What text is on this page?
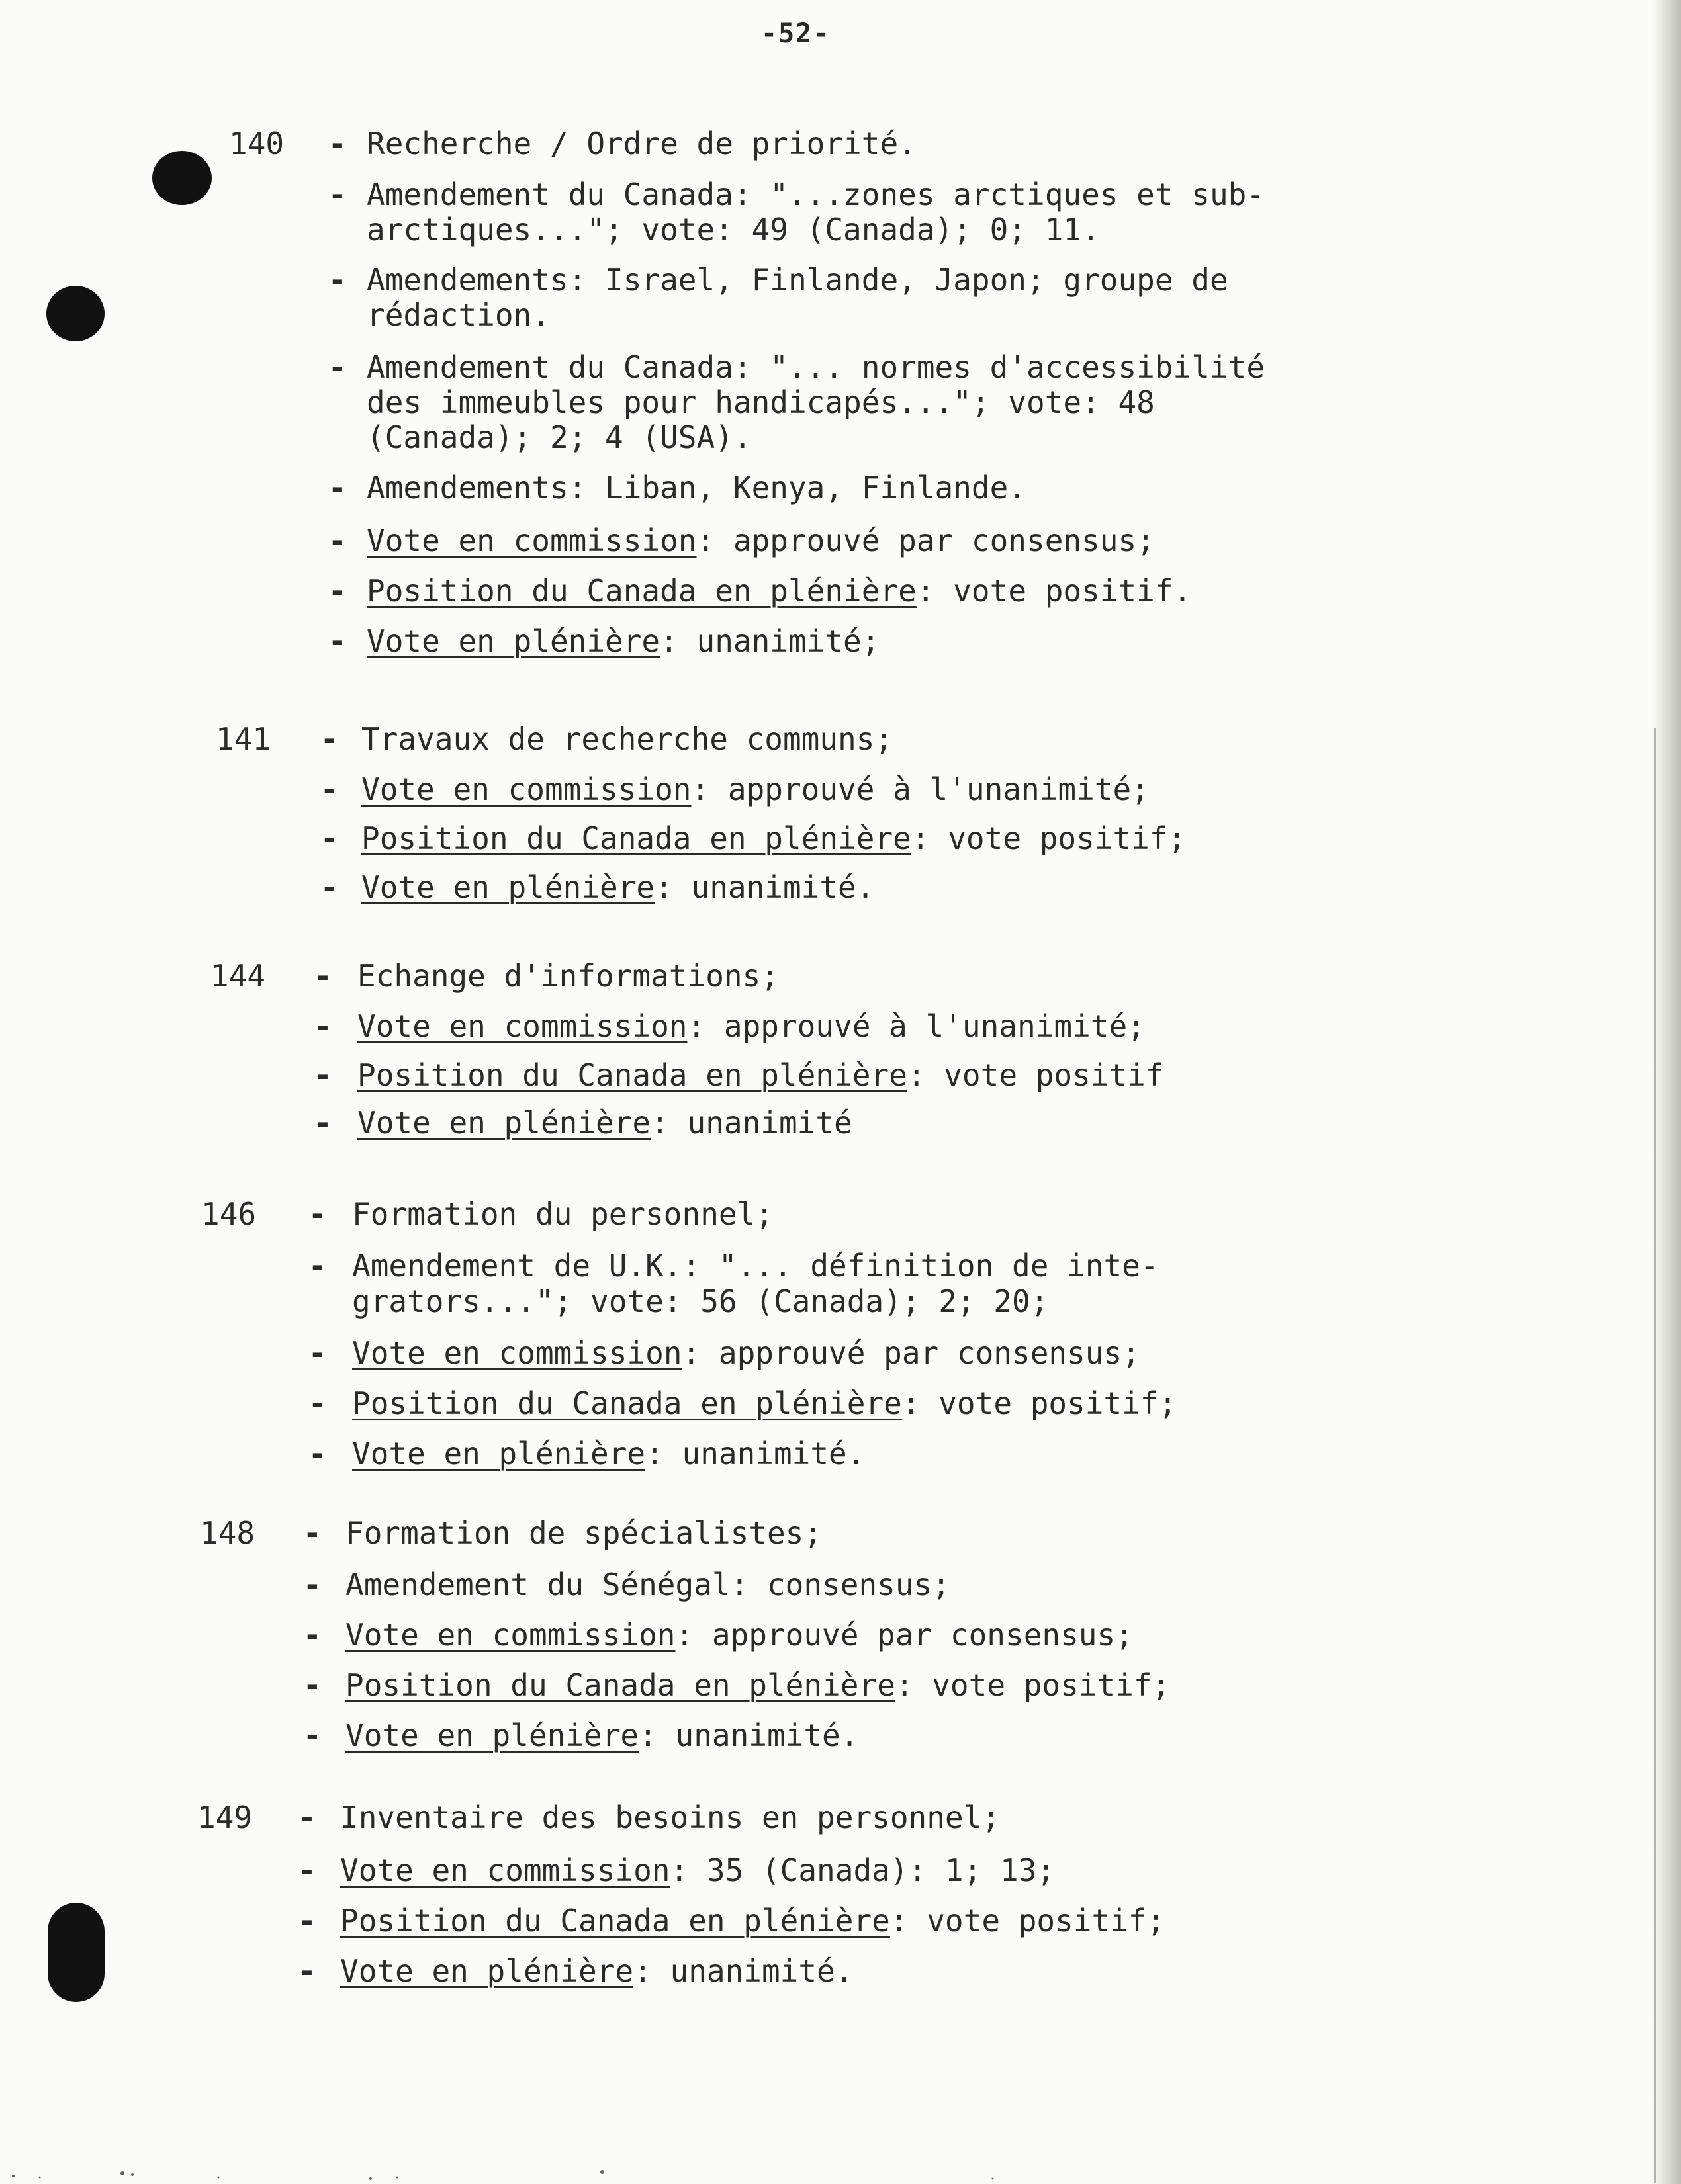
-52-
140 - Recherche / Ordre de priorité.
- Amendement du Canada: "...zones arctiques et sub-
arctiques..."; vote: 49 (Canada); 0; 11.
- Amendements: Israel, Finlande, Japon; groupe de
rédaction.
- Amendement du Canada: "... normes d'accessibilité
des immeubles pour handicapés..."; vote: 48
(Canada); 2; 4 (USA).
- Amendements: Liban, Kenya, Finlande.
- Vote en commission: approuvé par consensus;
- Position du Canada en plénière: vote positif.
- Vote en plénière: unanimité;
141 - Travaux de recherche communs;
- Vote en commission: approuvé à l'unanimité;
- Position du Canada en plénière: vote positif;
- Vote en plénière: unanimité.
144 - Echange d'informations;
- Vote en commission: approuvé à l'unanimité;
- Position du Canada en plénière: vote positif
- Vote en plénière: unanimité
146 - Formation du personnel;
- Amendement de U.K.: "... définition de inte-
grators..."; vote: 56 (Canada); 2; 20;
- Vote en commission: approuvé par consensus;
- Position du Canada en plénière: vote positif;
- Vote en plénière: unanimité.
148 - Formation de spécialistes;
- Amendement du Sénégal: consensus;
- Vote en commission: approuvé par consensus;
- Position du Canada en plénière: vote positif;
- Vote en plénière: unanimité.
149 - Inventaire des besoins en personnel;
- Vote en commission: 35 (Canada): 1; 13;
- Position du Canada en plénière: vote positif;
- Vote en plénière: unanimité.
